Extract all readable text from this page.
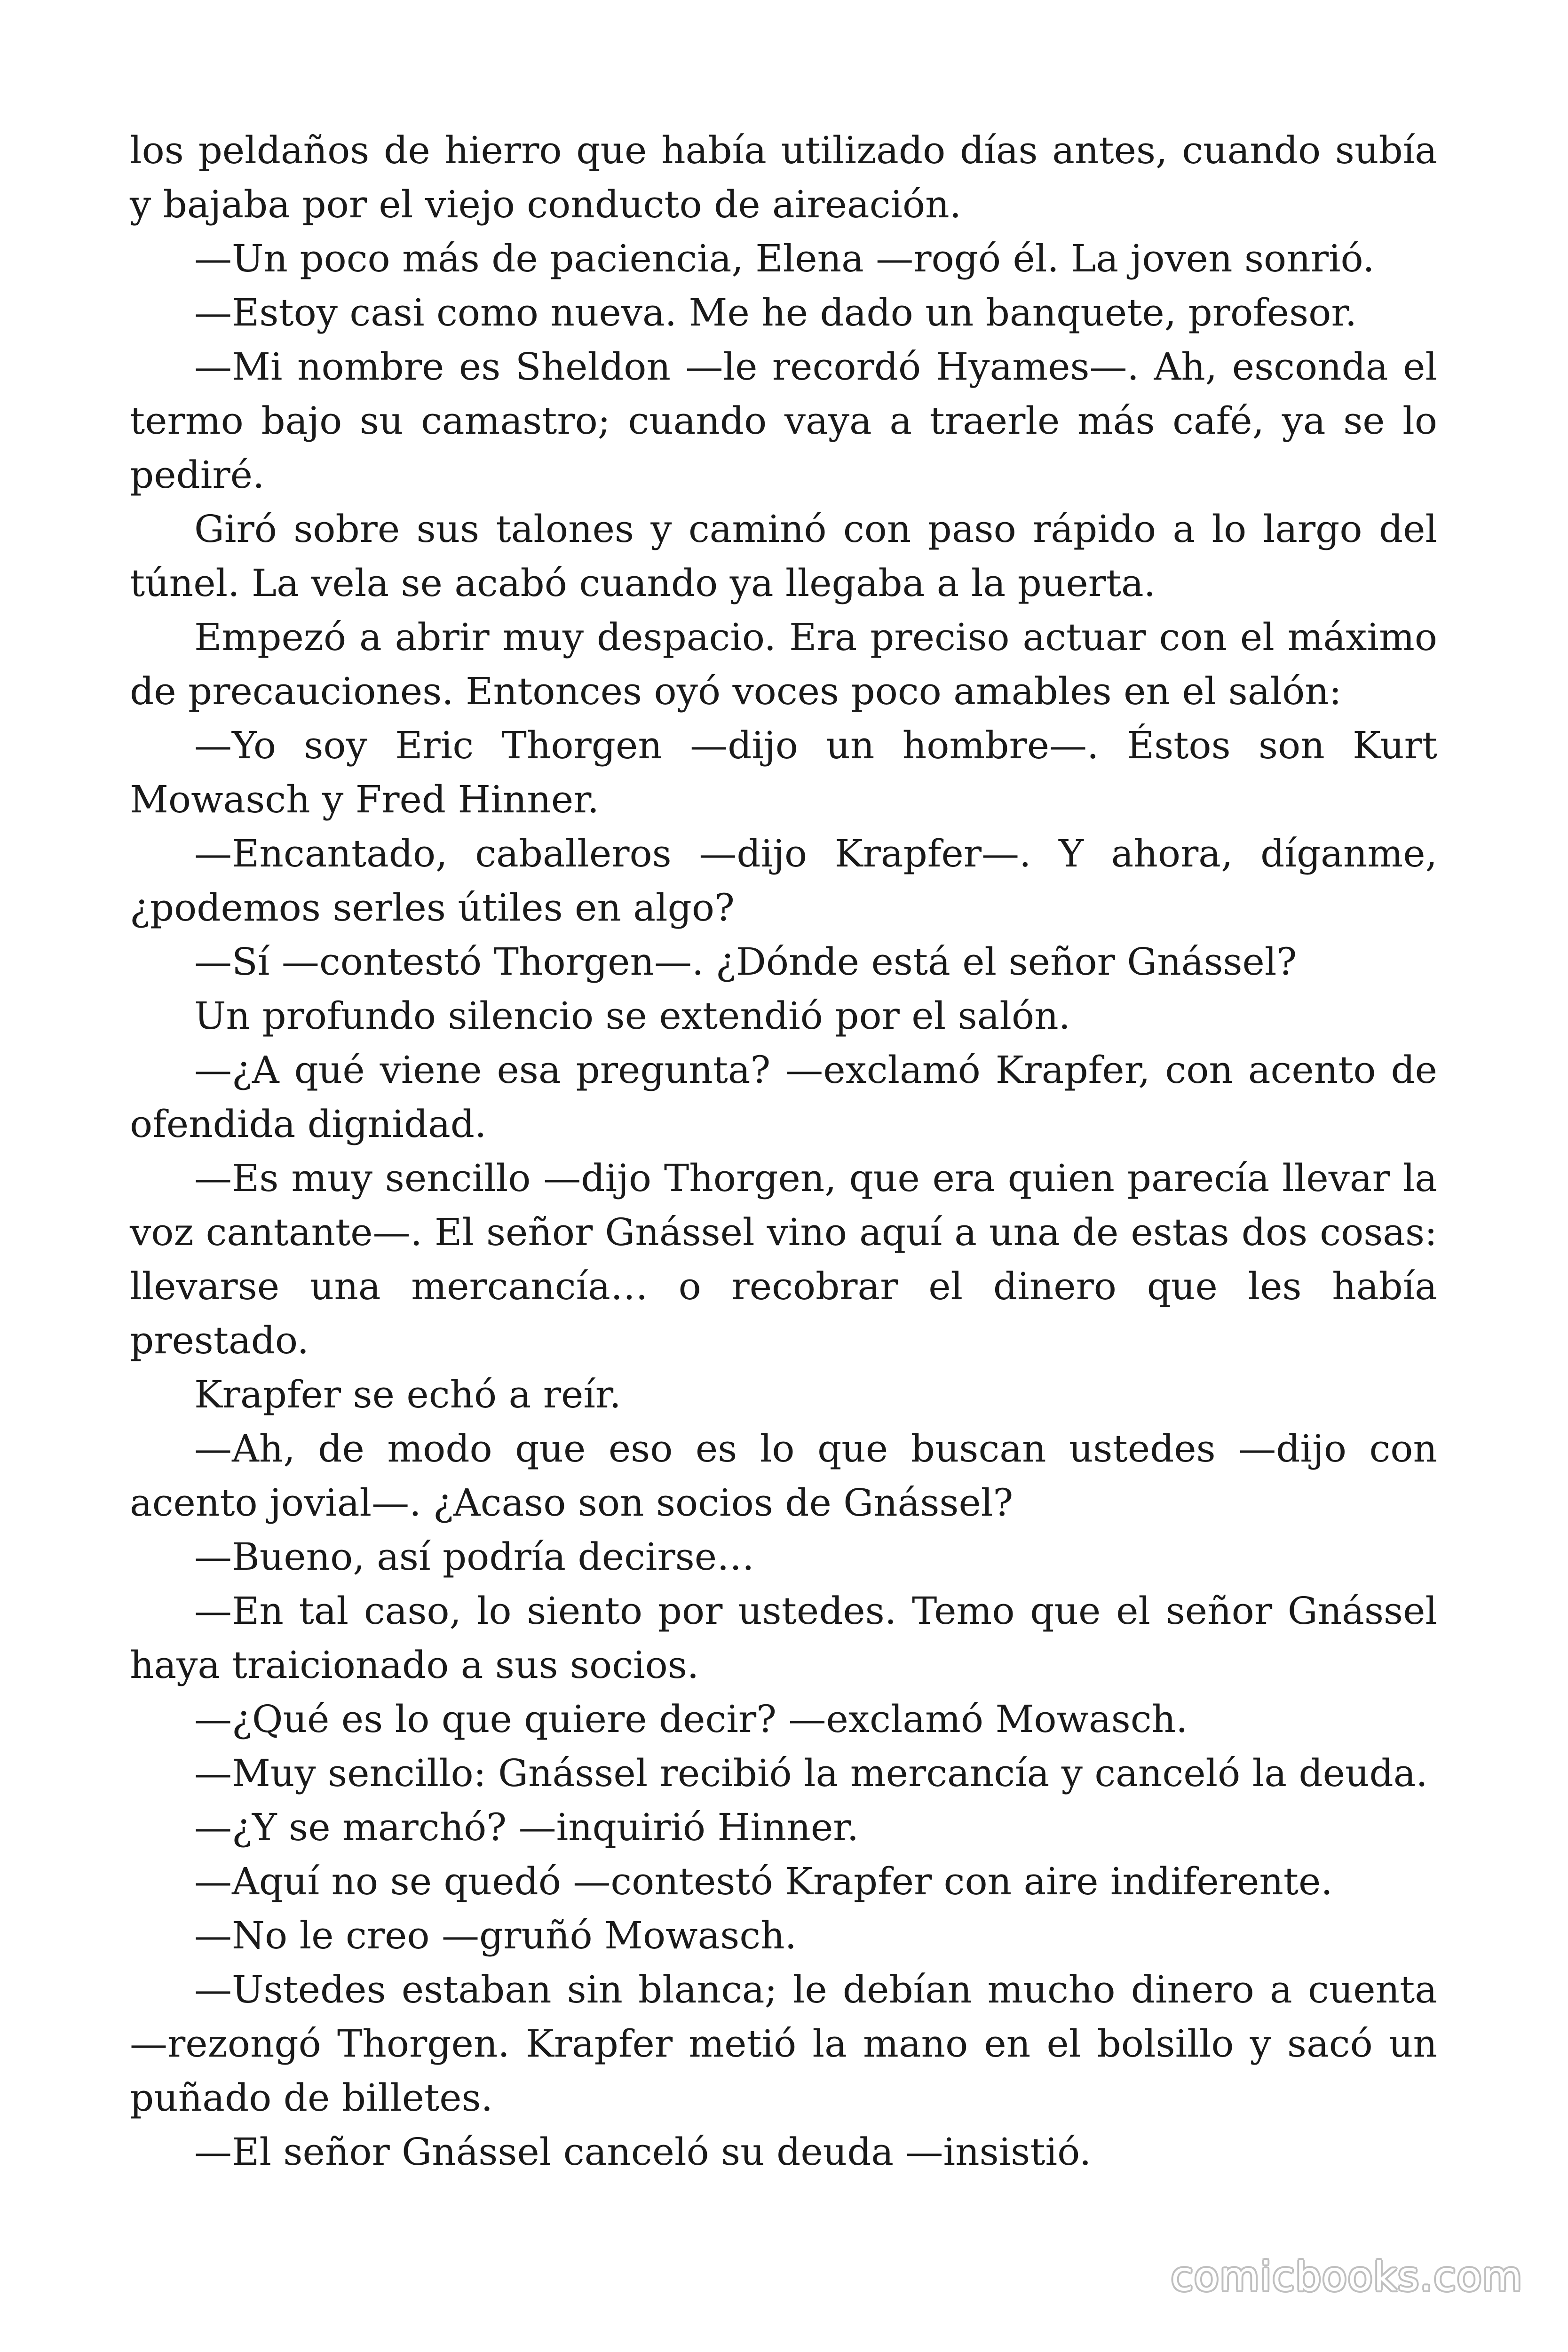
los peldaños de hierro que había utilizado días antes, cuando subía y bajaba por el viejo conducto de aireación.

—Un poco más de paciencia, Elena —rogó él. La joven sonrió.

—Estoy casi como nueva. Me he dado un banquete, profesor.

—Mi nombre es Sheldon —le recordó Hyames—. Ah, esconda el termo bajo su camastro; cuando vaya a traerle más café, ya se lo pediré.

Giró sobre sus talones y caminó con paso rápido a lo largo del túnel. La vela se acabó cuando ya llegaba a la puerta.

Empezó a abrir muy despacio. Era preciso actuar con el máximo de precauciones. Entonces oyó voces poco amables en el salón:

—Yo soy Eric Thorgen —dijo un hombre—. Éstos son Kurt Mowasch y Fred Hinner.

—Encantado, caballeros —dijo Krapfer—. Y ahora, díganme, ¿podemos serles útiles en algo?

—Sí —contestó Thorgen—. ¿Dónde está el señor Gnássel?

Un profundo silencio se extendió por el salón.

—¿A qué viene esa pregunta? —exclamó Krapfer, con acento de ofendida dignidad.

—Es muy sencillo —dijo Thorgen, que era quien parecía llevar la voz cantante—. El señor Gnássel vino aquí a una de estas dos cosas: llevarse una mercancía… o recobrar el dinero que les había prestado.

Krapfer se echó a reír.

—Ah, de modo que eso es lo que buscan ustedes —dijo con acento jovial—. ¿Acaso son socios de Gnássel?

—Bueno, así podría decirse…

—En tal caso, lo siento por ustedes. Temo que el señor Gnássel haya traicionado a sus socios.

—¿Qué es lo que quiere decir? —exclamó Mowasch.

—Muy sencillo: Gnássel recibió la mercancía y canceló la deuda.

—¿Y se marchó? —inquirió Hinner.

—Aquí no se quedó —contestó Krapfer con aire indiferente.

—No le creo —gruñó Mowasch.

—Ustedes estaban sin blanca; le debían mucho dinero a cuenta —rezongó Thorgen. Krapfer metió la mano en el bolsillo y sacó un puñado de billetes.

—El señor Gnássel canceló su deuda —insistió.

comicbooks.com
